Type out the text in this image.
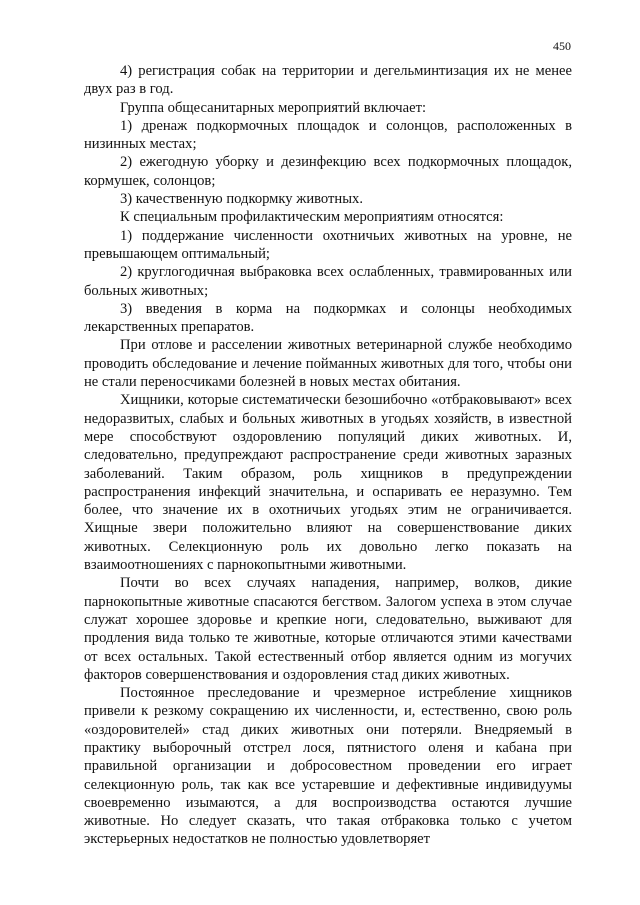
450

4) регистрация собак на территории и дегельминтизация их не менее двух раз в год.

Группа общесанитарных мероприятий включает:

1) дренаж подкормочных площадок и солонцов, расположенных в низинных местах;

2) ежегодную уборку и дезинфекцию всех подкормочных площадок, кормушек, солонцов;

3) качественную подкормку животных.

К специальным профилактическим мероприятиям относятся:

1) поддержание численности охотничьих животных на уровне, не превышающем оптимальный;

2) круглогодичная выбраковка всех ослабленных, травмированных или больных животных;

3) введения в корма на подкормках и солонцы необходимых лекарственных препаратов.

При отлове и расселении животных ветеринарной службе необходимо проводить обследование и лечение пойманных животных для того, чтобы они не стали переносчиками болезней в новых местах обитания.

Хищники, которые систематически безошибочно «отбраковывают» всех недоразвитых, слабых и больных животных в угодьях хозяйств, в известной мере способствуют оздоровлению популяций диких животных. И, следовательно, предупреждают распространение среди животных заразных заболеваний. Таким образом, роль хищников в предупреждении распространения инфекций значительна, и оспаривать ее неразумно. Тем более, что значение их в охотничьих угодьях этим не ограничивается. Хищные звери положительно влияют на совершенствование диких животных. Селекционную роль их довольно легко показать на взаимоотношениях с парнокопытными животными.

Почти во всех случаях нападения, например, волков, дикие парнокопытные животные спасаются бегством. Залогом успеха в этом случае служат хорошее здоровье и крепкие ноги, следовательно, выживают для продления вида только те животные, которые отличаются этими качествами от всех остальных. Такой естественный отбор является одним из могучих факторов совершенствования и оздоровления стад диких животных.

Постоянное преследование и чрезмерное истребление хищников привели к резкому сокращению их численности, и, естественно, свою роль «оздоровителей» стад диких животных они потеряли. Внедряемый в практику выборочный отстрел лося, пятнистого оленя и кабана при правильной организации и добросовестном проведении его играет селекционную роль, так как все устаревшие и дефективные индивидуумы своевременно изымаются, а для воспроизводства остаются лучшие животные. Но следует сказать, что такая отбраковка только с учетом экстерьерных недостатков не полностью удовлетворяет
